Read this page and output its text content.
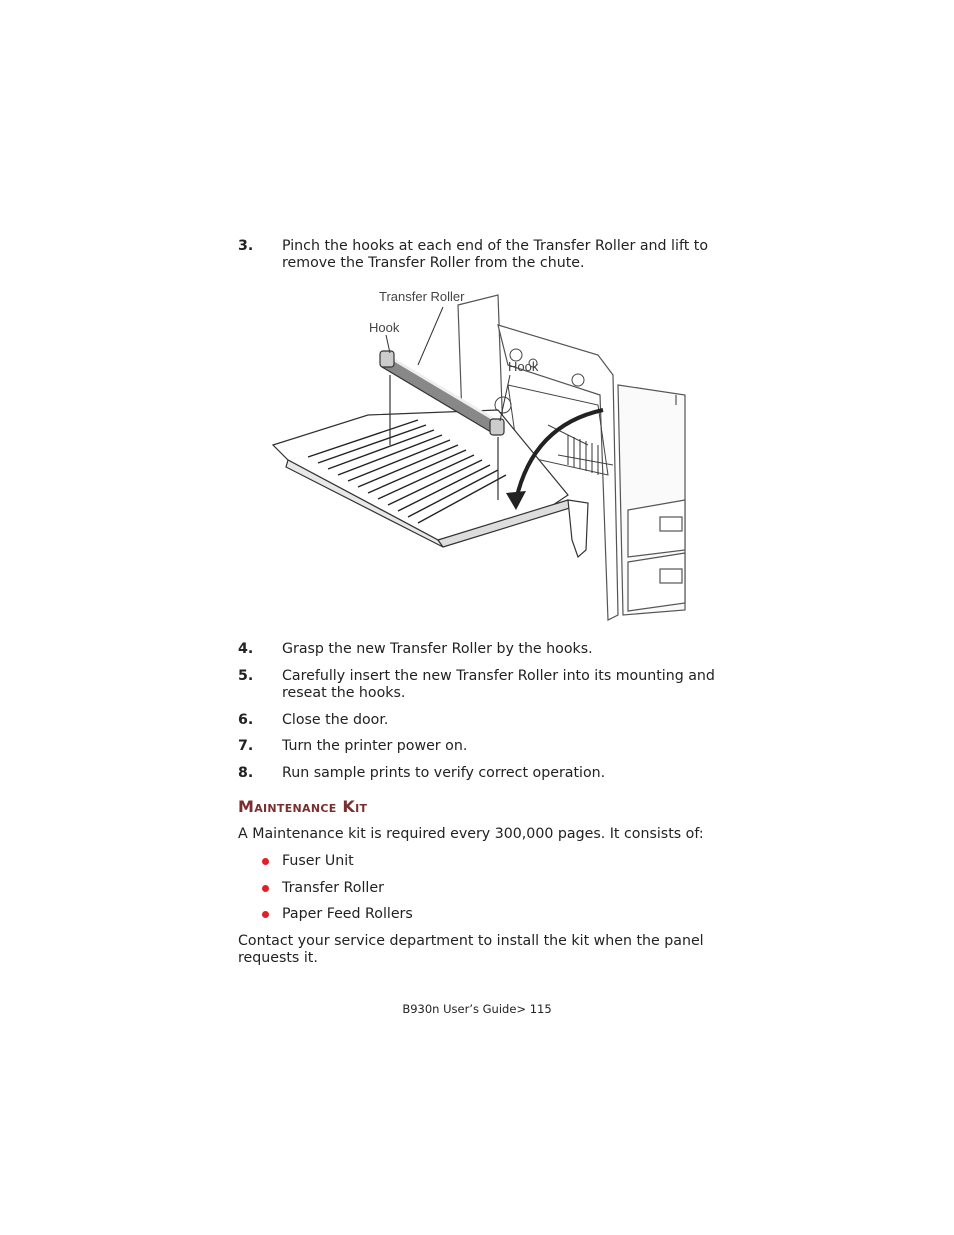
3. Pinch the hooks at each end of the Transfer Roller and lift to remove the Transfer Roller from the chute.
Transfer Roller
Hook
Hook
4. Grasp the new Transfer Roller by the hooks.
5. Carefully insert the new Transfer Roller into its mounting and reseat the hooks.
6. Close the door.
7. Turn the printer power on.
8. Run sample prints to verify correct operation.
Maintenance Kit
A Maintenance kit is required every 300,000 pages. It consists of:
Fuser Unit
Transfer Roller
Paper Feed Rollers
Contact your service department to install the kit when the panel requests it.
B930n User’s Guide> 115
